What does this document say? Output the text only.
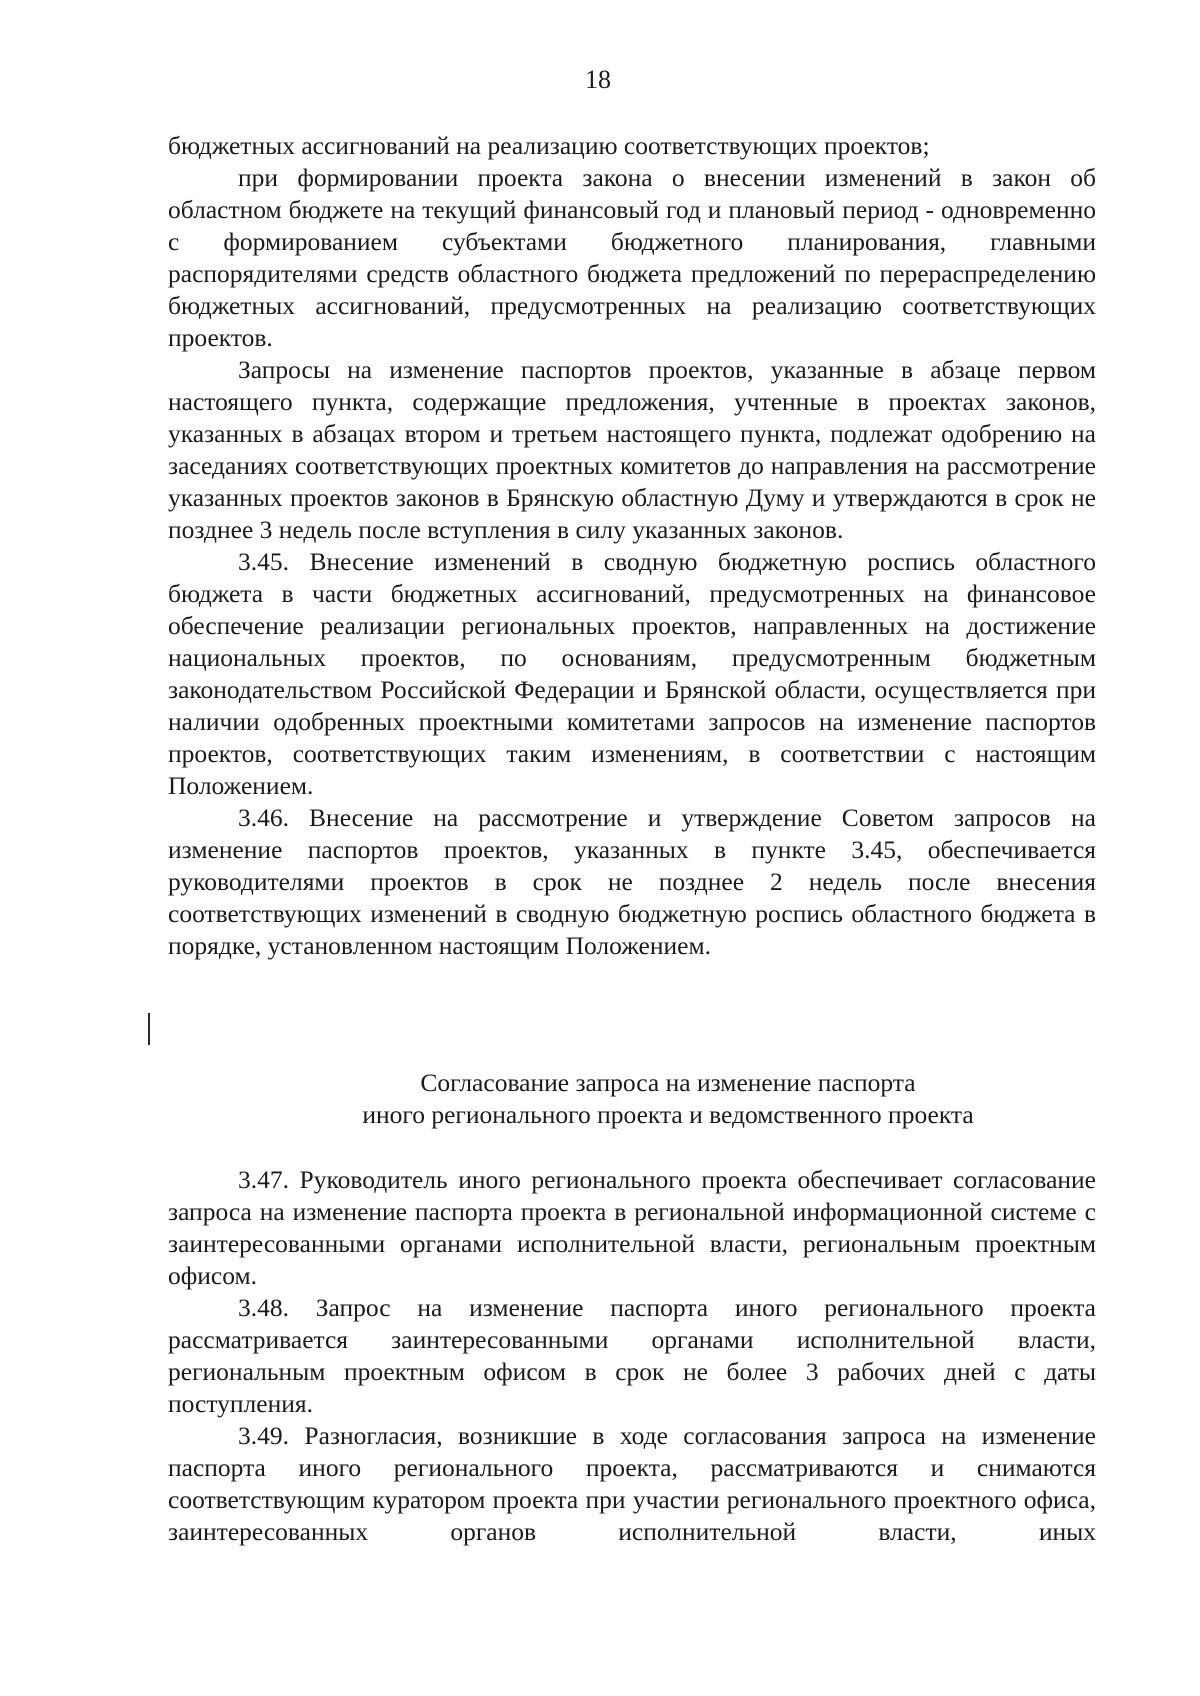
18

бюджетных ассигнований на реализацию соответствующих проектов;

при формировании проекта закона о внесении изменений в закон об областном бюджете на текущий финансовый год и плановый период - одновременно с формированием субъектами бюджетного планирования, главными распорядителями средств областного бюджета предложений по перераспределению бюджетных ассигнований, предусмотренных на реализацию соответствующих проектов.

Запросы на изменение паспортов проектов, указанные в абзаце первом настоящего пункта, содержащие предложения, учтенные в проектах законов, указанных в абзацах втором и третьем настоящего пункта, подлежат одобрению на заседаниях соответствующих проектных комитетов до направления на рассмотрение указанных проектов законов в Брянскую областную Думу и утверждаются в срок не позднее 3 недель после вступления в силу указанных законов.

3.45. Внесение изменений в сводную бюджетную роспись областного бюджета в части бюджетных ассигнований, предусмотренных на финансовое обеспечение реализации региональных проектов, направленных на достижение национальных проектов, по основаниям, предусмотренным бюджетным законодательством Российской Федерации и Брянской области, осуществляется при наличии одобренных проектными комитетами запросов на изменение паспортов проектов, соответствующих таким изменениям, в соответствии с настоящим Положением.

3.46. Внесение на рассмотрение и утверждение Советом запросов на изменение паспортов проектов, указанных в пункте 3.45, обеспечивается руководителями проектов в срок не позднее 2 недель после внесения соответствующих изменений в сводную бюджетную роспись областного бюджета в порядке, установленном настоящим Положением.

Согласование запроса на изменение паспорта
иного регионального проекта и ведомственного проекта

3.47. Руководитель иного регионального проекта обеспечивает согласование запроса на изменение паспорта проекта в региональной информационной системе с заинтересованными органами исполнительной власти, региональным проектным офисом.

3.48. Запрос на изменение паспорта иного регионального проекта рассматривается заинтересованными органами исполнительной власти, региональным проектным офисом в срок не более 3 рабочих дней с даты поступления.

3.49. Разногласия, возникшие в ходе согласования запроса на изменение паспорта иного регионального проекта, рассматриваются и снимаются соответствующим куратором проекта при участии регионального проектного офиса, заинтересованных органов исполнительной власти, иных
